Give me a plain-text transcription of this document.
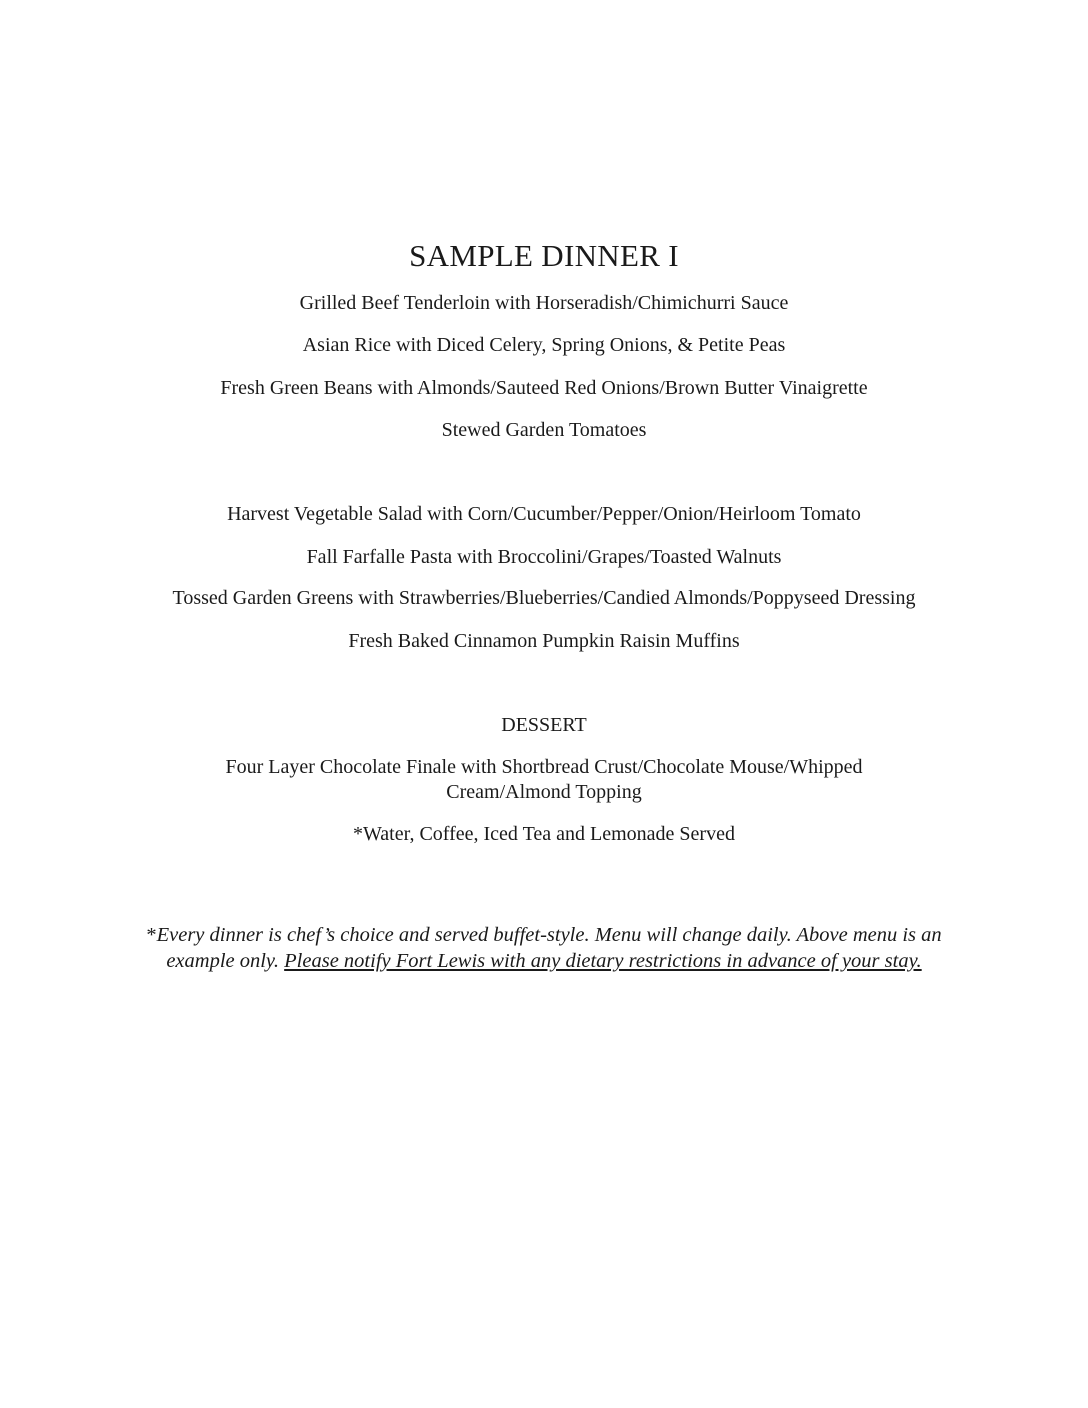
SAMPLE DINNER I
Grilled Beef Tenderloin with Horseradish/Chimichurri Sauce
Asian Rice with Diced Celery, Spring Onions, & Petite Peas
Fresh Green Beans with Almonds/Sauteed Red Onions/Brown Butter Vinaigrette
Stewed Garden Tomatoes
Harvest Vegetable Salad with Corn/Cucumber/Pepper/Onion/Heirloom Tomato
Fall Farfalle Pasta with Broccolini/Grapes/Toasted Walnuts
Tossed Garden Greens with Strawberries/Blueberries/Candied Almonds/Poppyseed Dressing
Fresh Baked Cinnamon Pumpkin Raisin Muffins
DESSERT
Four Layer Chocolate Finale with Shortbread Crust/Chocolate Mouse/Whipped Cream/Almond Topping
*Water, Coffee, Iced Tea and Lemonade Served
*Every dinner is chef’s choice and served buffet-style. Menu will change daily. Above menu is an example only. Please notify Fort Lewis with any dietary restrictions in advance of your stay.
